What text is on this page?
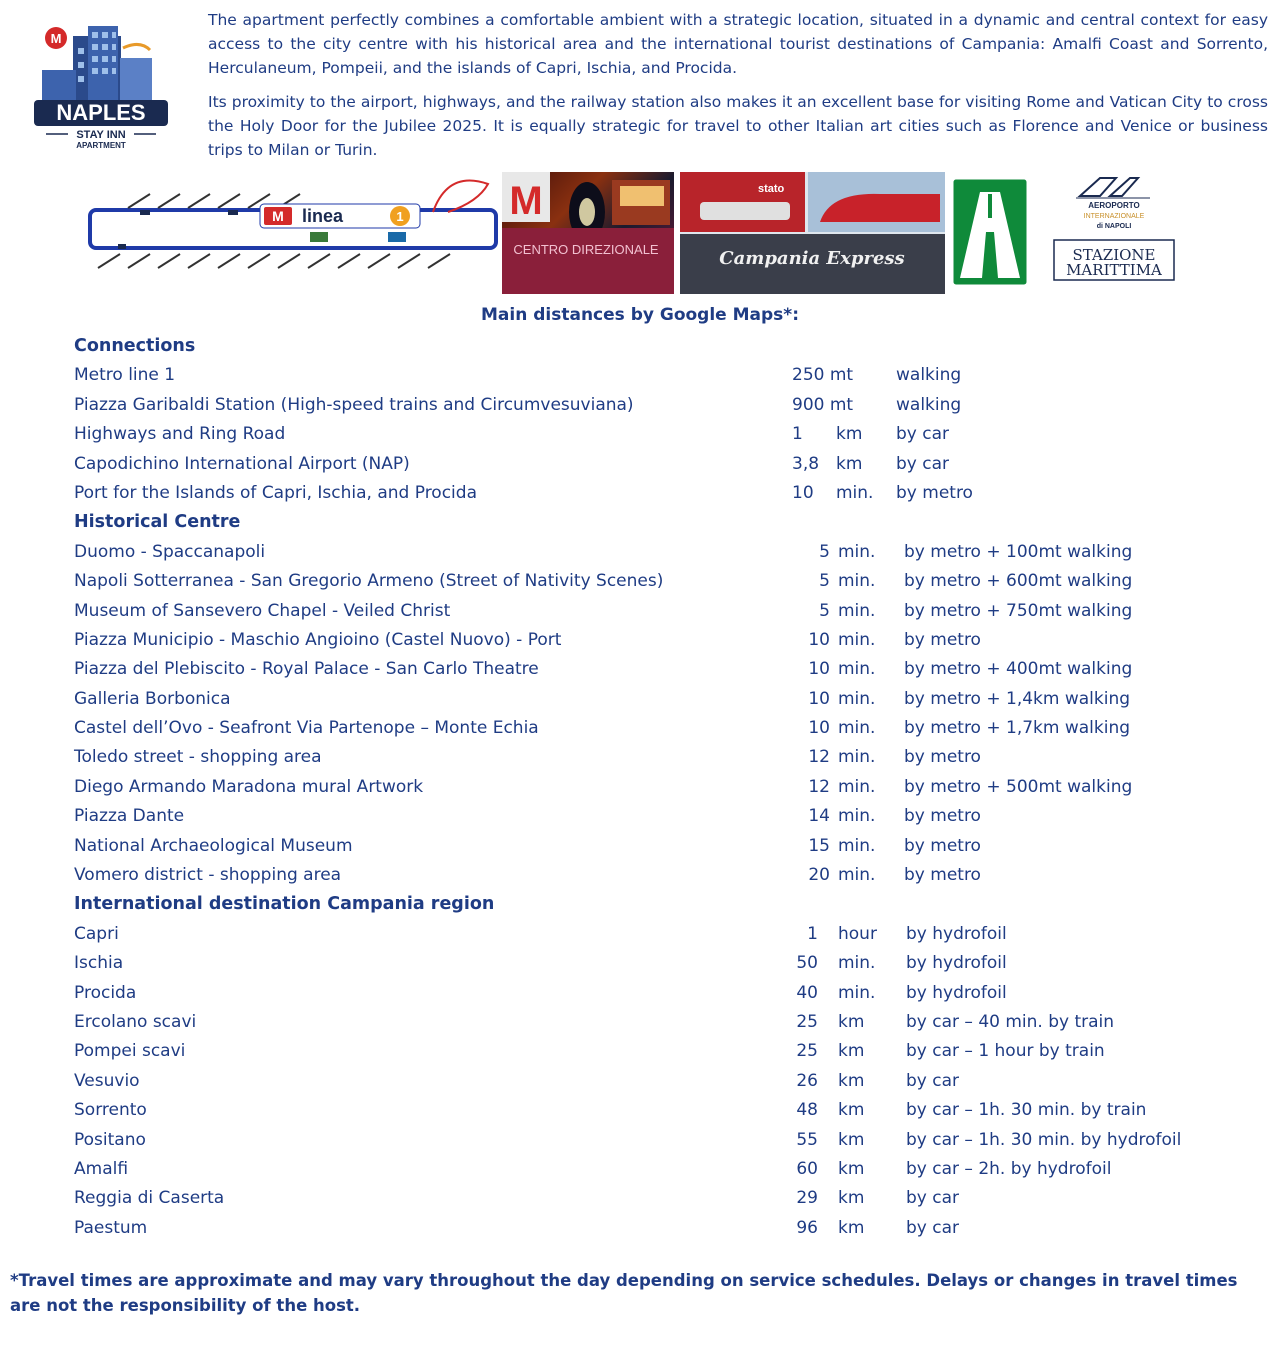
M
NAPLES
STAY INN
APARTMENT

The apartment perfectly combines a comfortable ambient with a strategic location, situated in a dynamic and central context for easy access to the city centre with his historical area and the international tourist destinations of Campania: Amalfi Coast and Sorrento, Herculaneum, Pompeii, and the islands of Capri, Ischia, and Procida.

Its proximity to the airport, highways, and the railway station also makes it an excellent base for visiting Rome and Vatican City to cross the Holy Door for the Jubilee 2025. It is equally strategic for travel to other Italian art cities such as Florence and Venice or business trips to Milan or Turin.

M linea	1	M
CENTRO DIREZIONALE
stato
Campania Express
AEROPORTO
INTERNAZIONALE
di NAPOLI
STAZIONE
MARITTIMA
Main distances by Google Maps*:
Connections
Metro line 1	250 mt	walking
Piazza Garibaldi Station (High-speed trains and Circumvesuviana)	900 mt	walking
Highways and Ring Road	1	km by car
Capodichino International Airport (NAP)	3,8 km by car
Port for the Islands of Capri, Ischia, and Procida	10	min. by metro
Historical Centre
Duomo - Spaccanapoli	5 min. by metro + 100mt walking
Napoli Sotterranea - San Gregorio Armeno (Street of Nativity Scenes)	5 min. by metro + 600mt walking
Museum of Sansevero Chapel - Veiled Christ	5 min. by metro + 750mt walking
Piazza Municipio - Maschio Angioino (Castel Nuovo) - Port	10 min. by metro
Piazza del Plebiscito - Royal Palace - San Carlo Theatre	10 min. by metro + 400mt walking
Galleria Borbonica	10 min. by metro + 1,4km walking
Castel dell’Ovo - Seafront Via Partenope – Monte Echia	10 min. by metro + 1,7km walking
Toledo street - shopping area	12 min. by metro
Diego Armando Maradona mural Artwork	12 min. by metro + 500mt walking
Piazza Dante	14 min. by metro
National Archaeological Museum	15 min. by metro
Vomero district - shopping area	20 min. by metro
International destination Campania region
Capri	1 hour by hydrofoil
Ischia	50 min. by hydrofoil
Procida	40 min. by hydrofoil
Ercolano scavi	25 km by car – 40 min. by train
Pompei scavi	25 km by car – 1 hour by train
Vesuvio	26 km by car
Sorrento	48 km by car – 1h. 30 min. by train
Positano	55 km by car – 1h. 30 min. by hydrofoil
Amalfi	60 km by car – 2h. by hydrofoil
Reggia di Caserta	29 km by car
Paestum	96 km by car
*Travel times are approximate and may vary throughout the day depending on service schedules. Delays or changes in travel times are not the responsibility of the host.
